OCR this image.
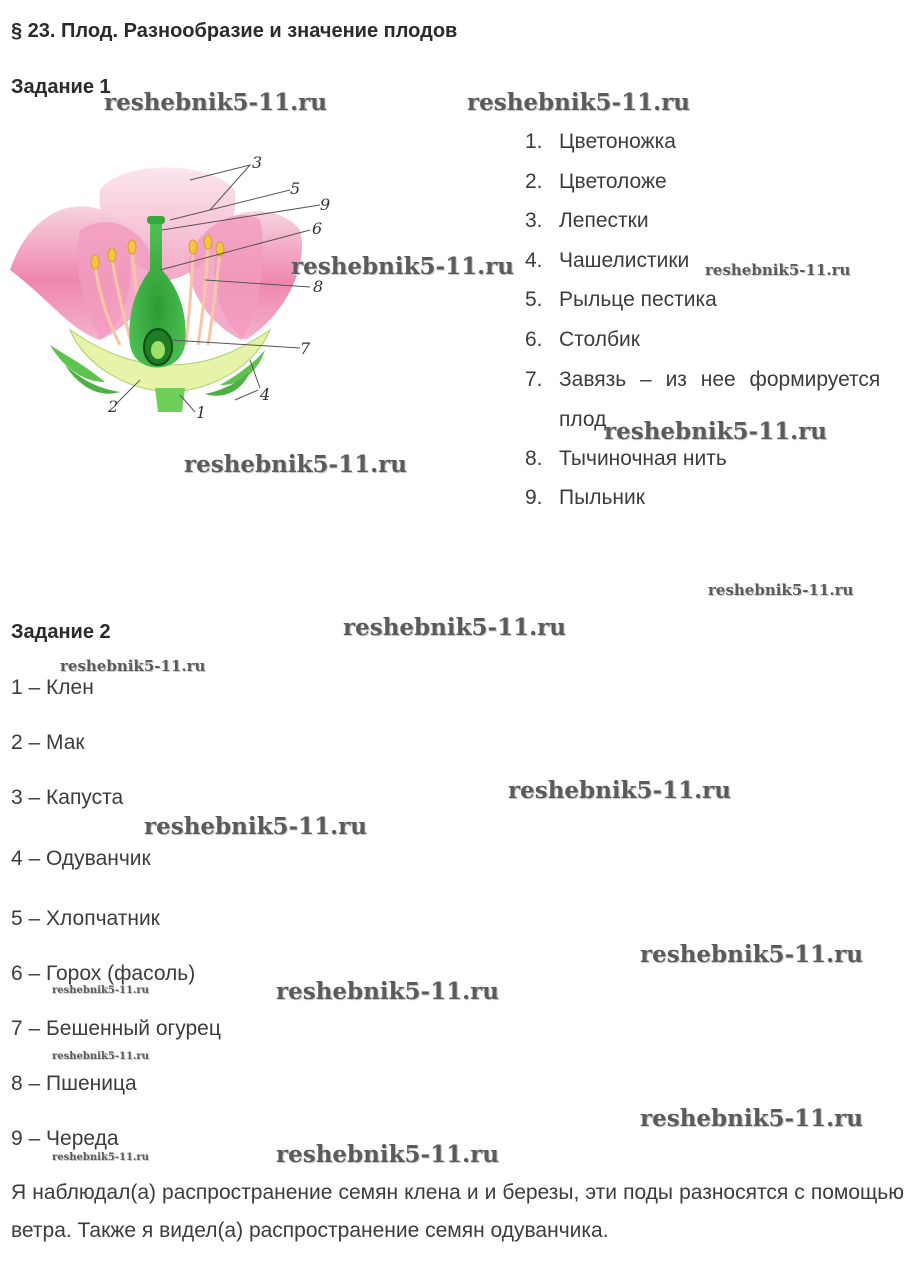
§ 23. Плод. Разнообразие и значение плодов
Задание 1
1
2
3
4
5
6
7
8
9
1. Цветоножка
2. Цветоложе
3. Лепестки
4. Чашелистики
5. Рыльце пестика
6. Столбик
7. Завязь – из нее формируется
плод
8. Тычиночная нить
9. Пыльник
Задание 2
1 – Клен
2 – Мак
3 – Капуста
4 – Одуванчик
5 – Хлопчатник
6 – Горох (фасоль)
7 – Бешенный огурец
8 – Пшеница
9 – Череда
Я наблюдал(а) распространение семян клена и и березы, эти поды разносятся с помощью ветра. Также я видел(а) распространение семян одуванчика.
reshebnik5-11.ru	reshebnik5-11.ru
reshebnik5-11.ru	reshebnik5-11.ru
reshebnik5-11.ru
reshebnik5-11.ru
reshebnik5-11.ru
reshebnik5-11.ru
reshebnik5-11.ru
reshebnik5-11.ru
reshebnik5-11.ru
reshebnik5-11.ru
reshebnik5-11.ru	reshebnik5-11.ru
reshebnik5-11.ru
reshebnik5-11.ru
reshebnik5-11.ru
reshebnik5-11.ru
